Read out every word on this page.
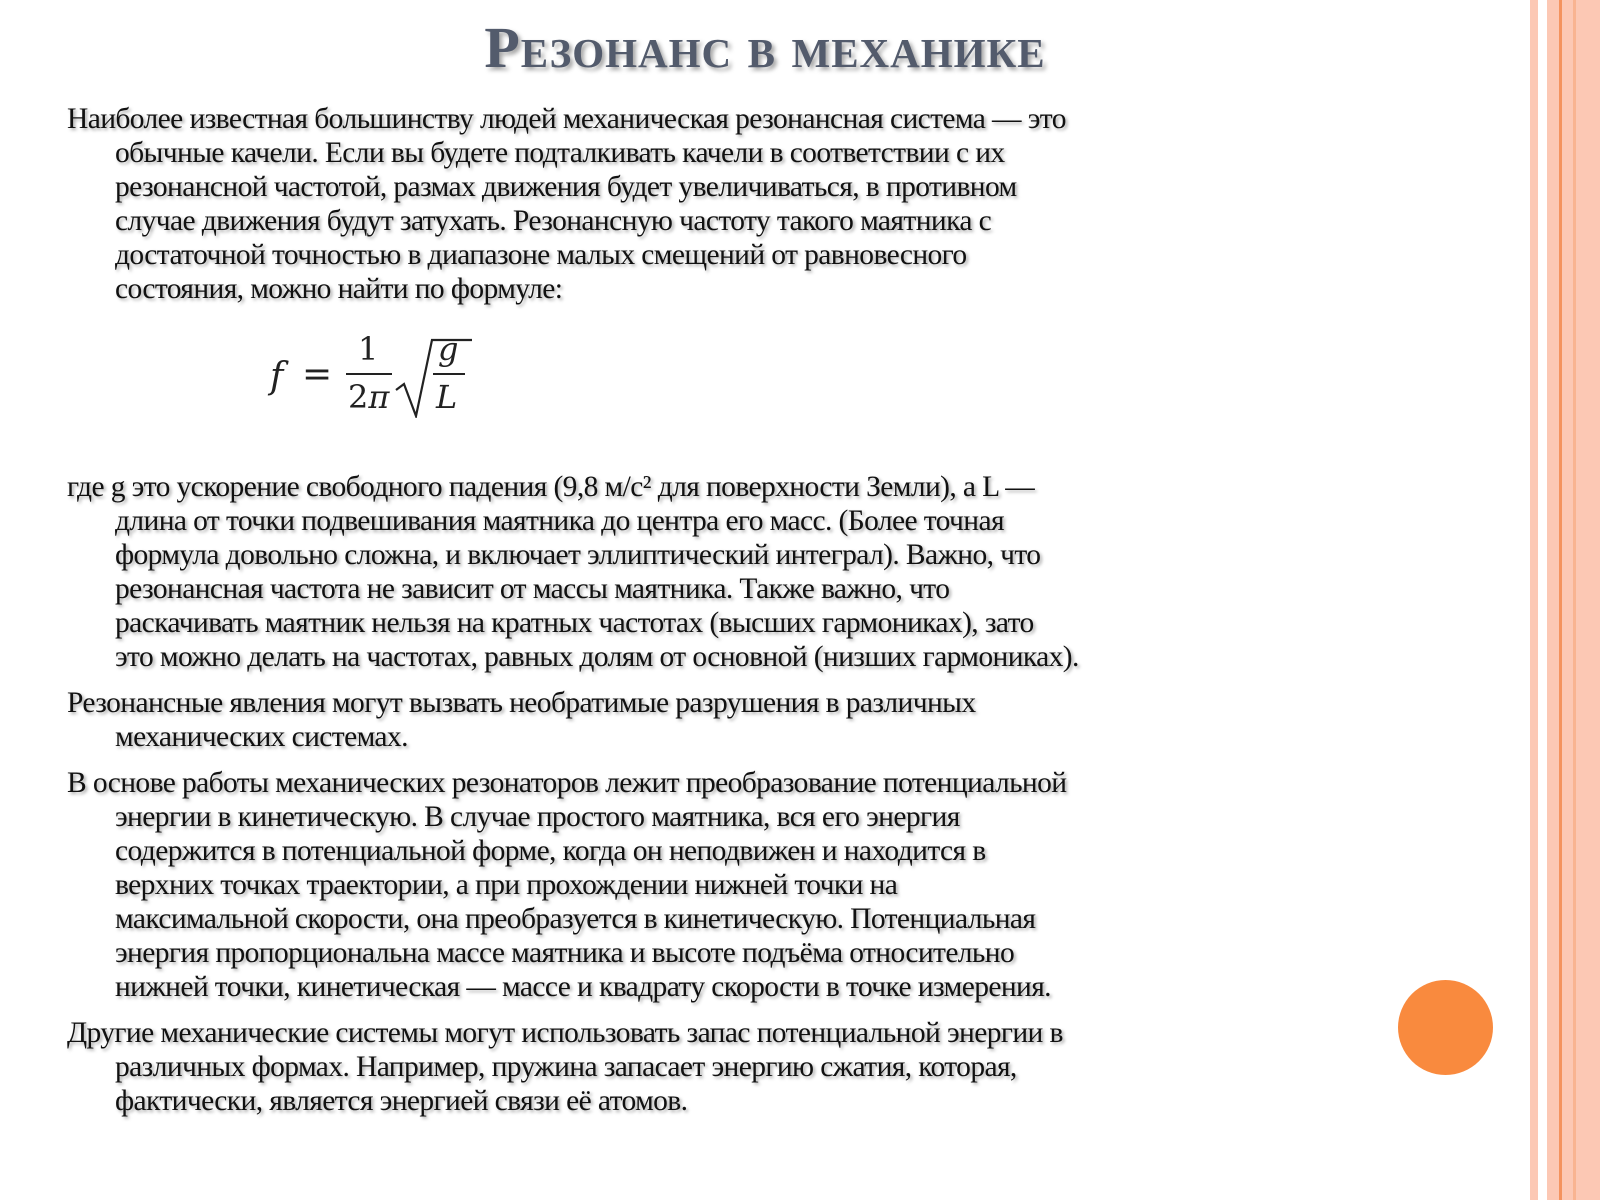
Резонанс в механике
Наиболее известная большинству людей механическая резонансная система — это
обычные качели. Если вы будете подталкивать качели в соответствии с их
резонансной частотой, размах движения будет увеличиваться, в противном
случае движения будут затухать. Резонансную частоту такого маятника с
достаточной точностью в диапазоне малых смещений от равновесного
состояния, можно найти по формуле:
где g это ускорение свободного падения (9,8 м/с² для поверхности Земли), а L —
длина от точки подвешивания маятника до центра его масс. (Более точная
формула довольно сложна, и включает эллиптический интеграл). Важно, что
резонансная частота не зависит от массы маятника. Также важно, что
раскачивать маятник нельзя на кратных частотах (высших гармониках), зато
это можно делать на частотах, равных долям от основной (низших гармониках).
Резонансные явления могут вызвать необратимые разрушения в различных
механических системах.
В основе работы механических резонаторов лежит преобразование потенциальной
энергии в кинетическую. В случае простого маятника, вся его энергия
содержится в потенциальной форме, когда он неподвижен и находится в
верхних точках траектории, а при прохождении нижней точки на
максимальной скорости, она преобразуется в кинетическую. Потенциальная
энергия пропорциональна массе маятника и высоте подъёма относительно
нижней точки, кинетическая — массе и квадрату скорости в точке измерения.
Другие механические системы могут использовать запас потенциальной энергии в
различных формах. Например, пружина запасает энергию сжатия, которая,
фактически, является энергией связи её атомов.
f =
1
2π
g
L
